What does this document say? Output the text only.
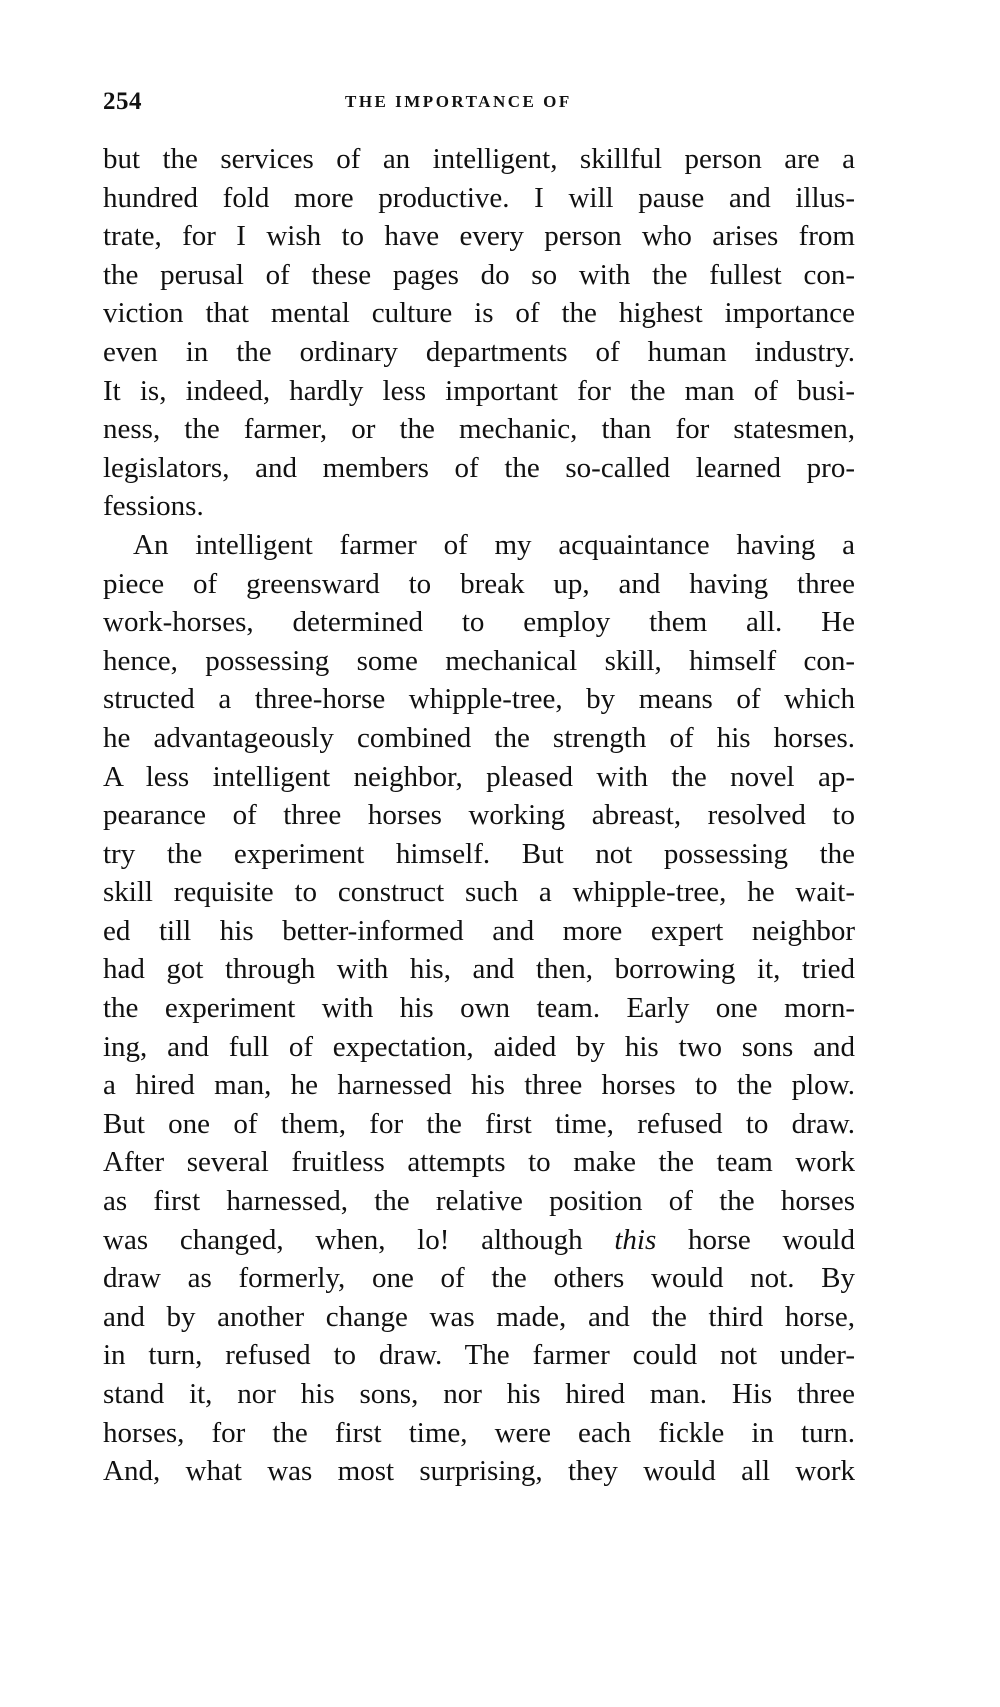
254	THE IMPORTANCE OF
but the services of an intelligent, skillful person are a
hundred fold more productive. I will pause and illus-
trate, for I wish to have every person who arises from
the perusal of these pages do so with the fullest con-
viction that mental culture is of the highest importance
even in the ordinary departments of human industry.
It is, indeed, hardly less important for the man of busi-
ness, the farmer, or the mechanic, than for statesmen,
legislators, and members of the so-called learned pro-
fessions.
An intelligent farmer of my acquaintance having a
piece of greensward to break up, and having three
work-horses, determined to employ them all. He
hence, possessing some mechanical skill, himself con-
structed a three-horse whipple-tree, by means of which
he advantageously combined the strength of his horses.
A less intelligent neighbor, pleased with the novel ap-
pearance of three horses working abreast, resolved to
try the experiment himself. But not possessing the
skill requisite to construct such a whipple-tree, he wait-
ed till his better-informed and more expert neighbor
had got through with his, and then, borrowing it, tried
the experiment with his own team. Early one morn-
ing, and full of expectation, aided by his two sons and
a hired man, he harnessed his three horses to the plow.
But one of them, for the first time, refused to draw.
After several fruitless attempts to make the team work
as first harnessed, the relative position of the horses
was changed, when, lo! although this horse would
draw as formerly, one of the others would not. By
and by another change was made, and the third horse,
in turn, refused to draw. The farmer could not under-
stand it, nor his sons, nor his hired man. His three
horses, for the first time, were each fickle in turn.
And, what was most surprising, they would all work
